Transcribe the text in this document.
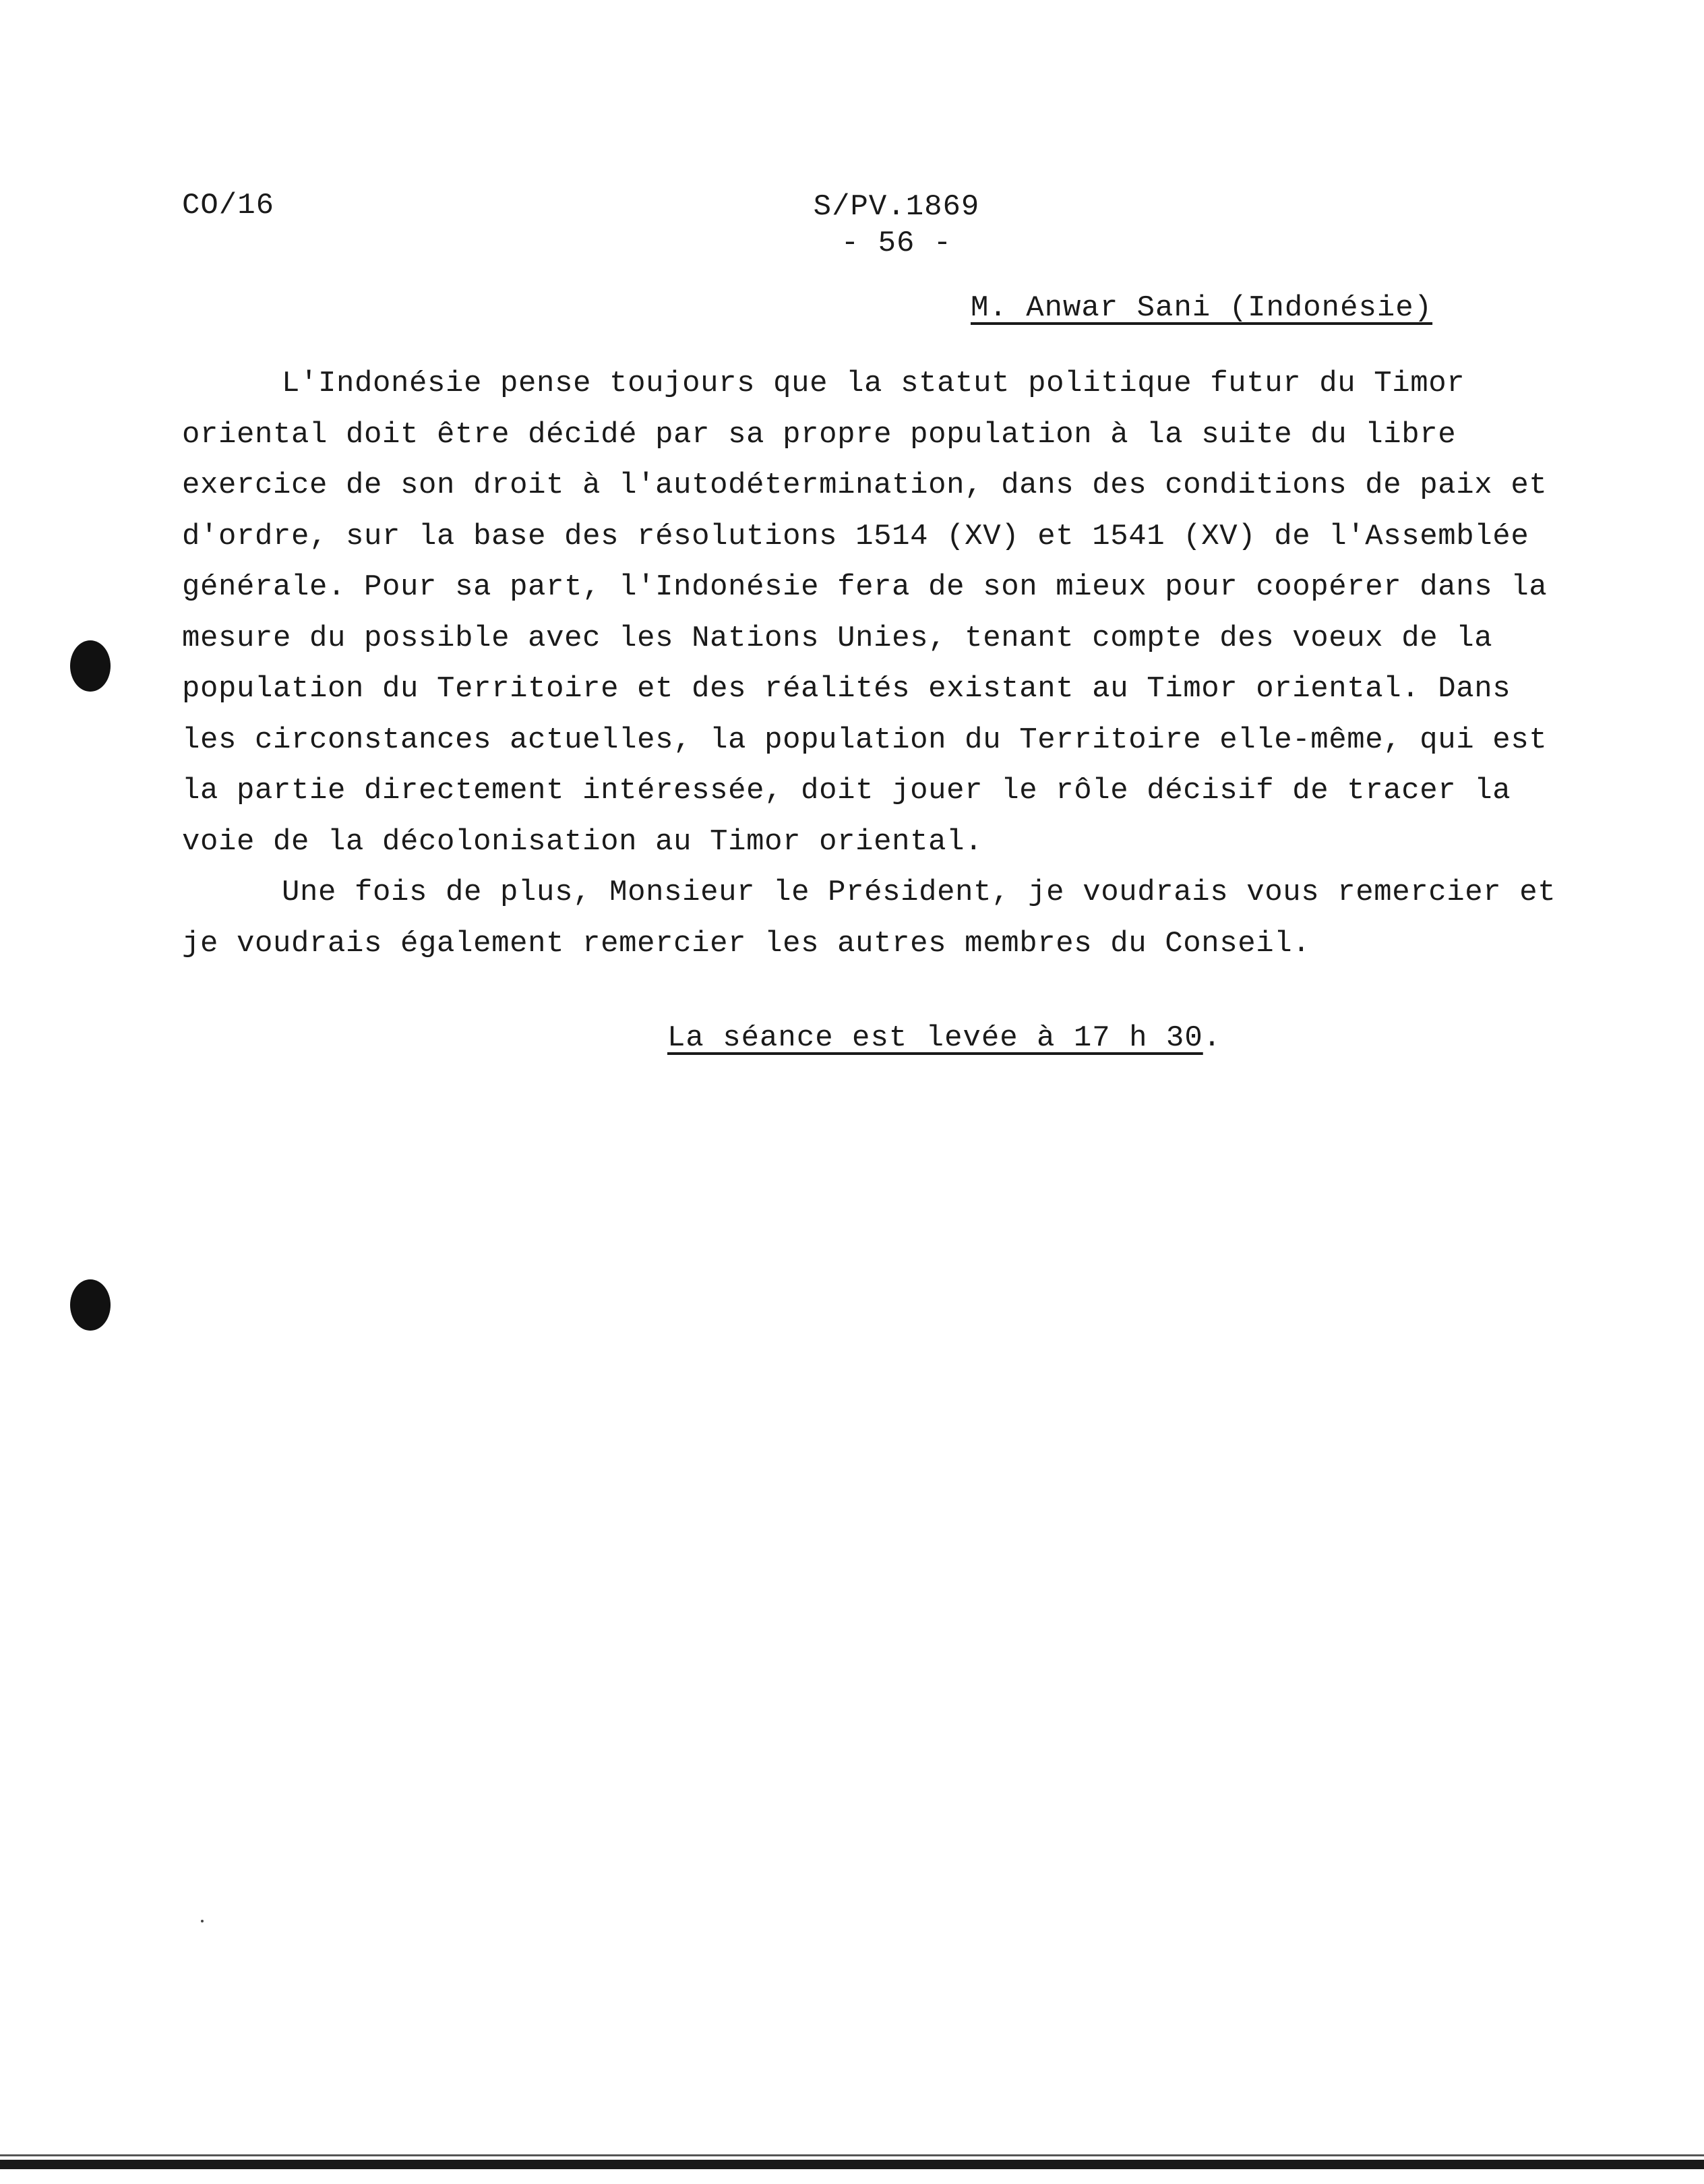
CO/16	S/PV.1869
- 56 -
M. Anwar Sani (Indonésie)

L'Indonésie pense toujours que la statut politique futur du Timor oriental doit être décidé par sa propre population à la suite du libre exercice de son droit à l'autodétermination, dans des conditions de paix et d'ordre, sur la base des résolutions 1514 (XV) et 1541 (XV) de l'Assemblée générale. Pour sa part, l'Indonésie fera de son mieux pour coopérer dans la mesure du possible avec les Nations Unies, tenant compte des voeux de la population du Territoire et des réalités existant au Timor oriental. Dans les circonstances actuelles, la population du Territoire elle-même, qui est la partie directement intéressée, doit jouer le rôle décisif de tracer la voie de la décolonisation au Timor oriental.

Une fois de plus, Monsieur le Président, je voudrais vous remercier et je voudrais également remercier les autres membres du Conseil.

La séance est levée à 17 h 30.
